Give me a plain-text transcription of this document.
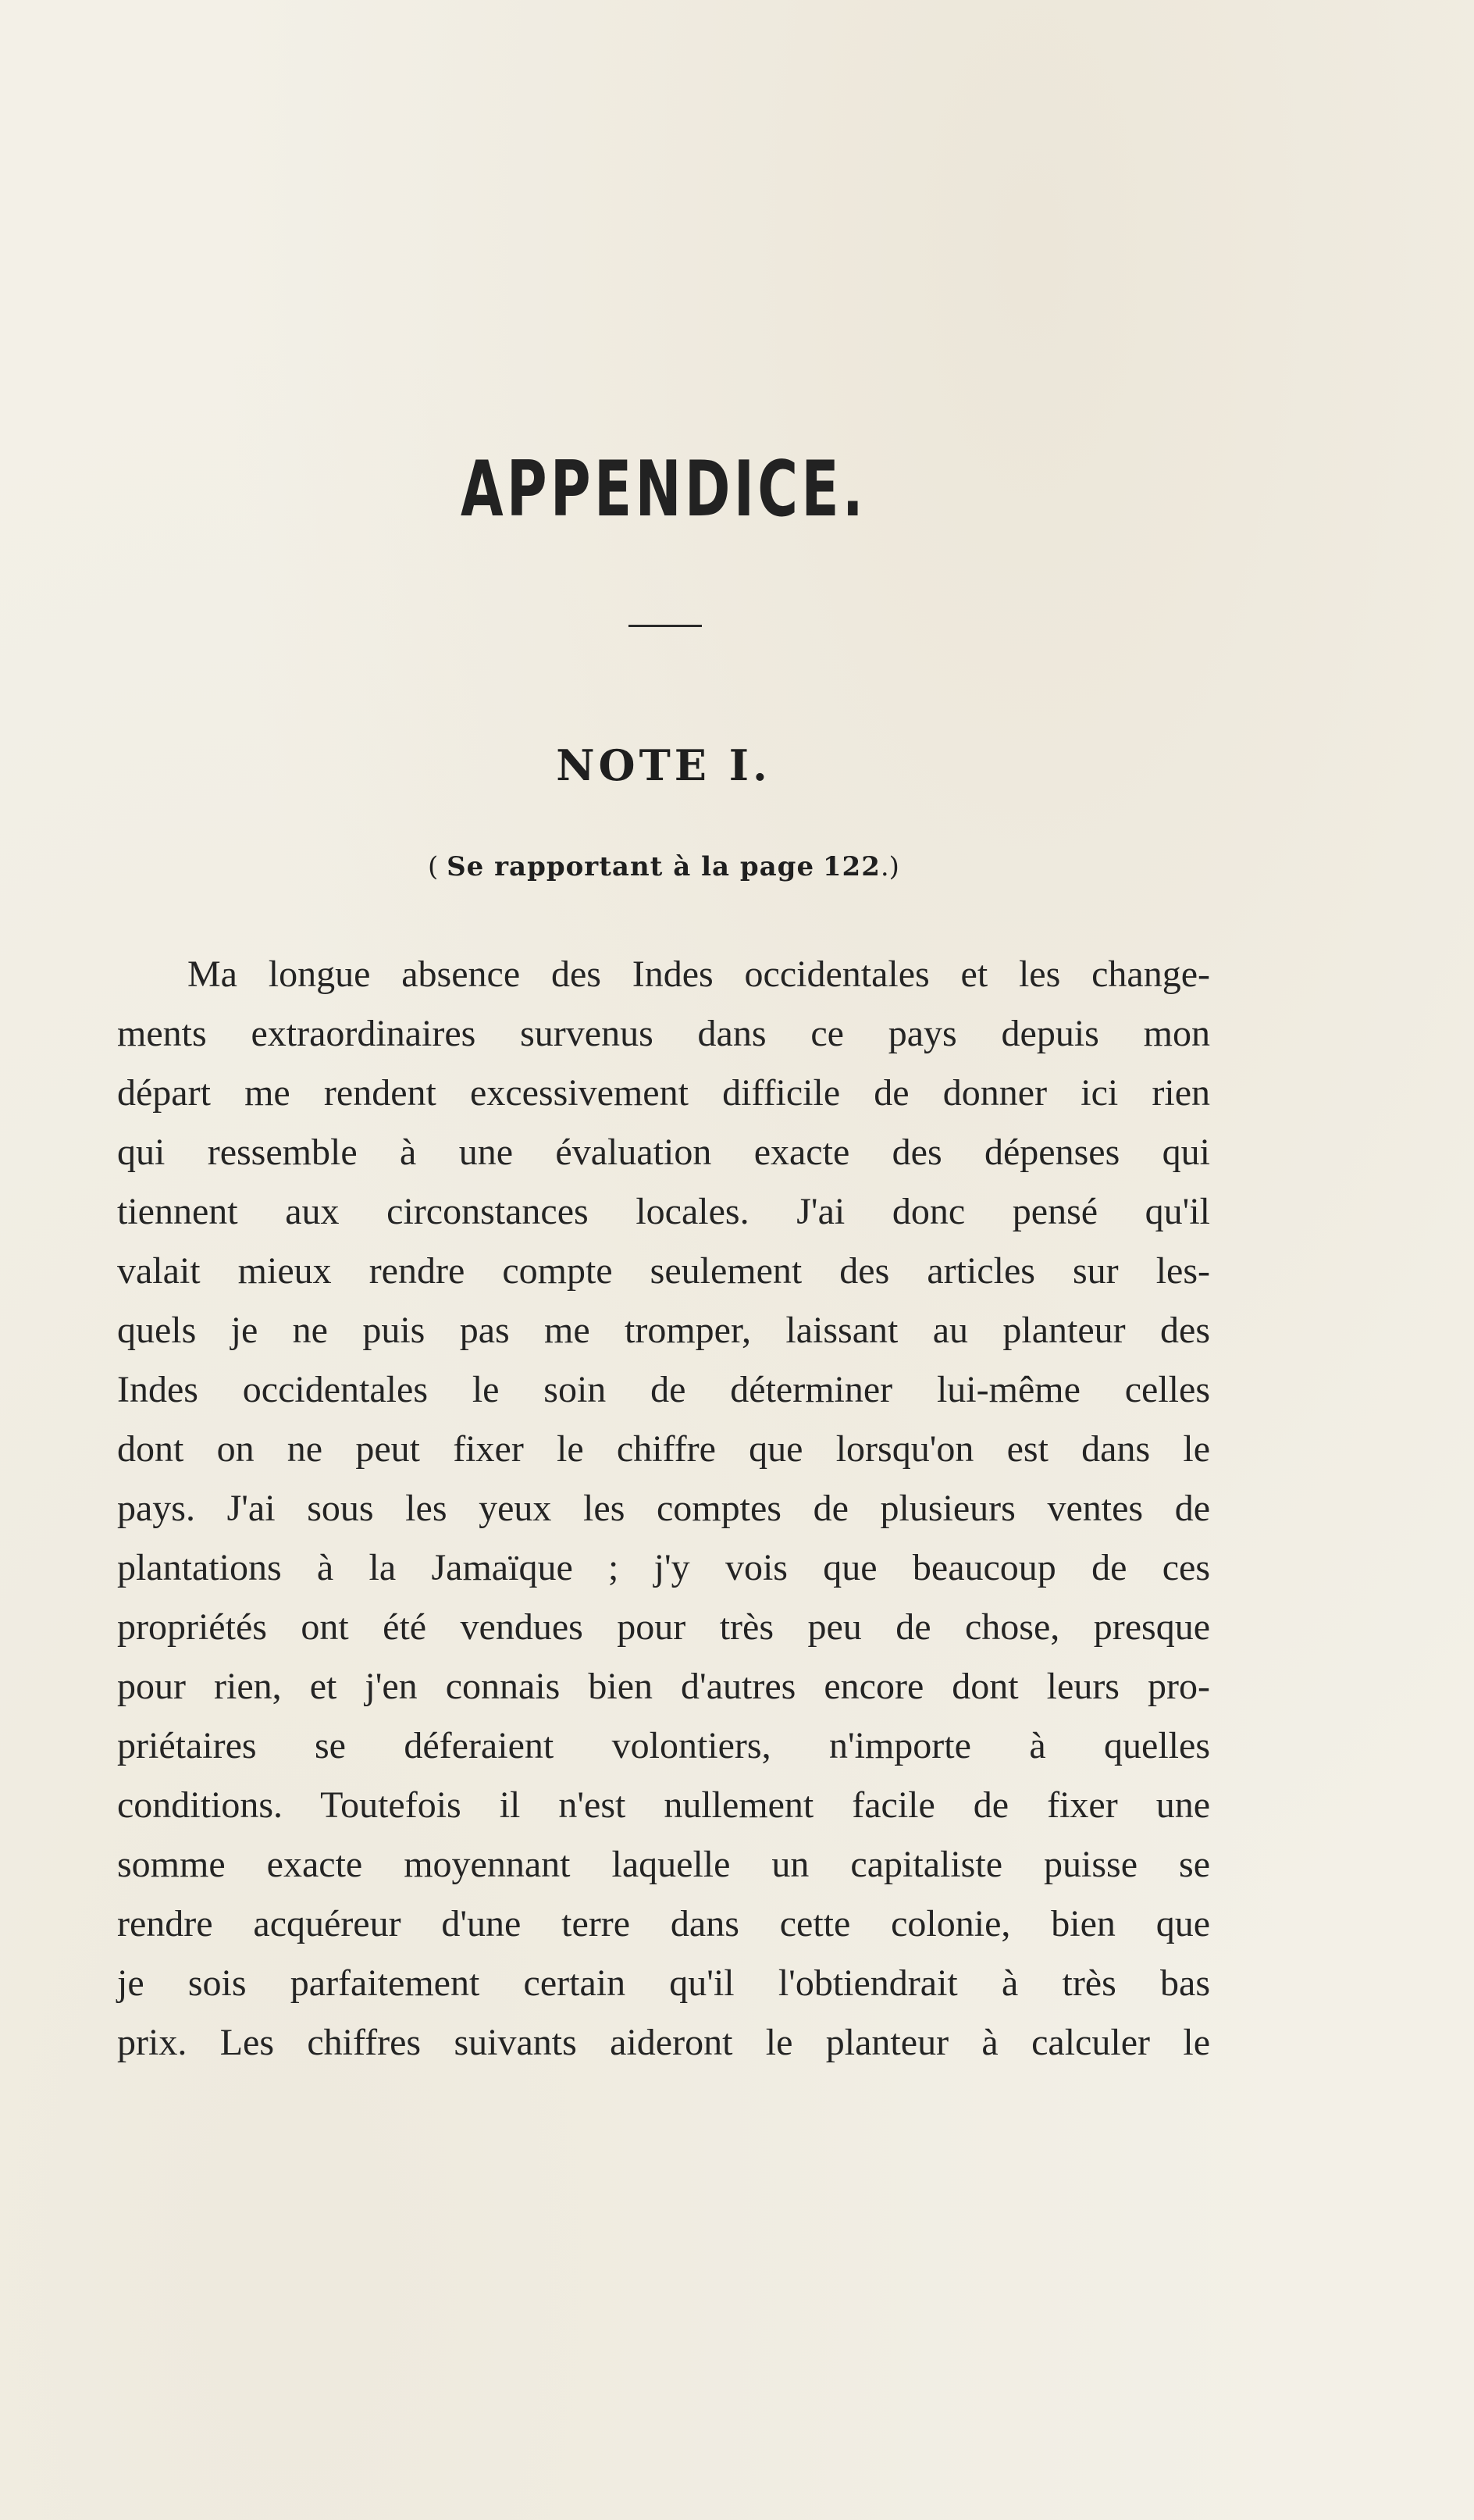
APPENDICE.
NOTE I.
( Se rapportant à la page 122.)
Ma longue absence des Indes occidentales et les change-
ments extraordinaires survenus dans ce pays depuis mon
départ me rendent excessivement difficile de donner ici rien
qui ressemble à une évaluation exacte des dépenses qui
tiennent aux circonstances locales. J'ai donc pensé qu'il
valait mieux rendre compte seulement des articles sur les-
quels je ne puis pas me tromper, laissant au planteur des
Indes occidentales le soin de déterminer lui-même celles
dont on ne peut fixer le chiffre que lorsqu'on est dans le
pays. J'ai sous les yeux les comptes de plusieurs ventes de
plantations à la Jamaïque ; j'y vois que beaucoup de ces
propriétés ont été vendues pour très peu de chose, presque
pour rien, et j'en connais bien d'autres encore dont leurs pro-
priétaires se déferaient volontiers, n'importe à quelles
conditions. Toutefois il n'est nullement facile de fixer une
somme exacte moyennant laquelle un capitaliste puisse se
rendre acquéreur d'une terre dans cette colonie, bien que
je sois parfaitement certain qu'il l'obtiendrait à très bas
prix. Les chiffres suivants aideront le planteur à calculer le
